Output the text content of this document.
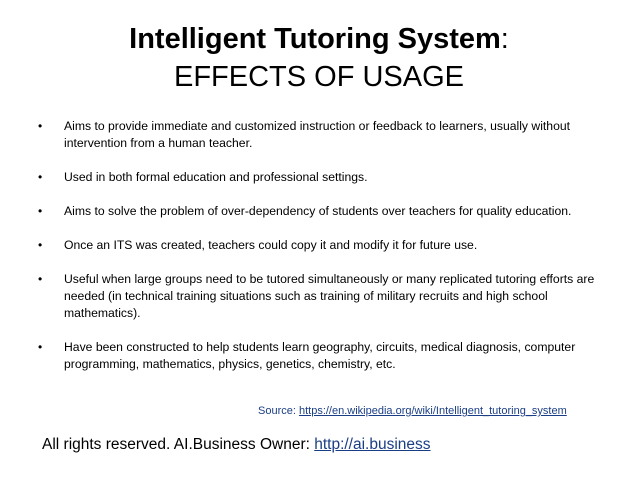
Intelligent Tutoring System:
EFFECTS OF USAGE
• Aims to provide immediate and customized instruction or feedback to learners, usually without intervention from a human teacher.
• Used in both formal education and professional settings.
• Aims to solve the problem of over-dependency of students over teachers for quality education.
• Once an ITS was created, teachers could copy it and modify it for future use.
• Useful when large groups need to be tutored simultaneously or many replicated tutoring efforts are needed (in technical training situations such as training of military recruits and high school mathematics).
• Have been constructed to help students learn geography, circuits, medical diagnosis, computer programming, mathematics, physics, genetics, chemistry, etc.
Source: https://en.wikipedia.org/wiki/Intelligent_tutoring_system
All rights reserved. AI.Business Owner: http://ai.business
